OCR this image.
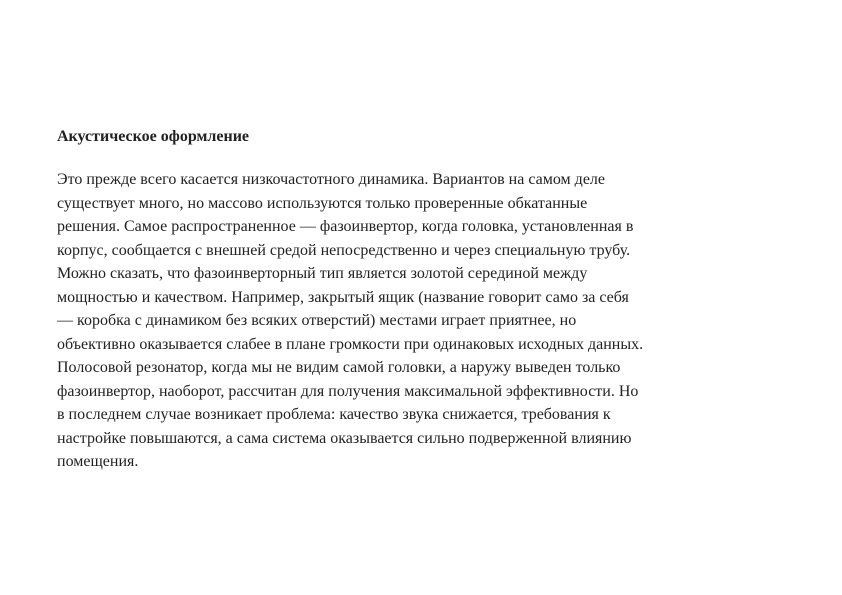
Акустическое оформление

Это прежде всего касается низкочастотного динамика. Вариантов на самом деле
существует много, но массово используются только проверенные обкатанные
решения. Самое распространенное — фазоинвертор, когда головка, установленная в
корпус, сообщается с внешней средой непосредственно и через специальную трубу.
Можно сказать, что фазоинверторный тип является золотой серединой между
мощностью и качеством. Например, закрытый ящик (название говорит само за себя
— коробка с динамиком без всяких отверстий) местами играет приятнее, но
объективно оказывается слабее в плане громкости при одинаковых исходных данных.
Полосовой резонатор, когда мы не видим самой головки, а наружу выведен только
фазоинвертор, наоборот, рассчитан для получения максимальной эффективности. Но
в последнем случае возникает проблема: качество звука снижается, требования к
настройке повышаются, а сама система оказывается сильно подверженной влиянию
помещения.
